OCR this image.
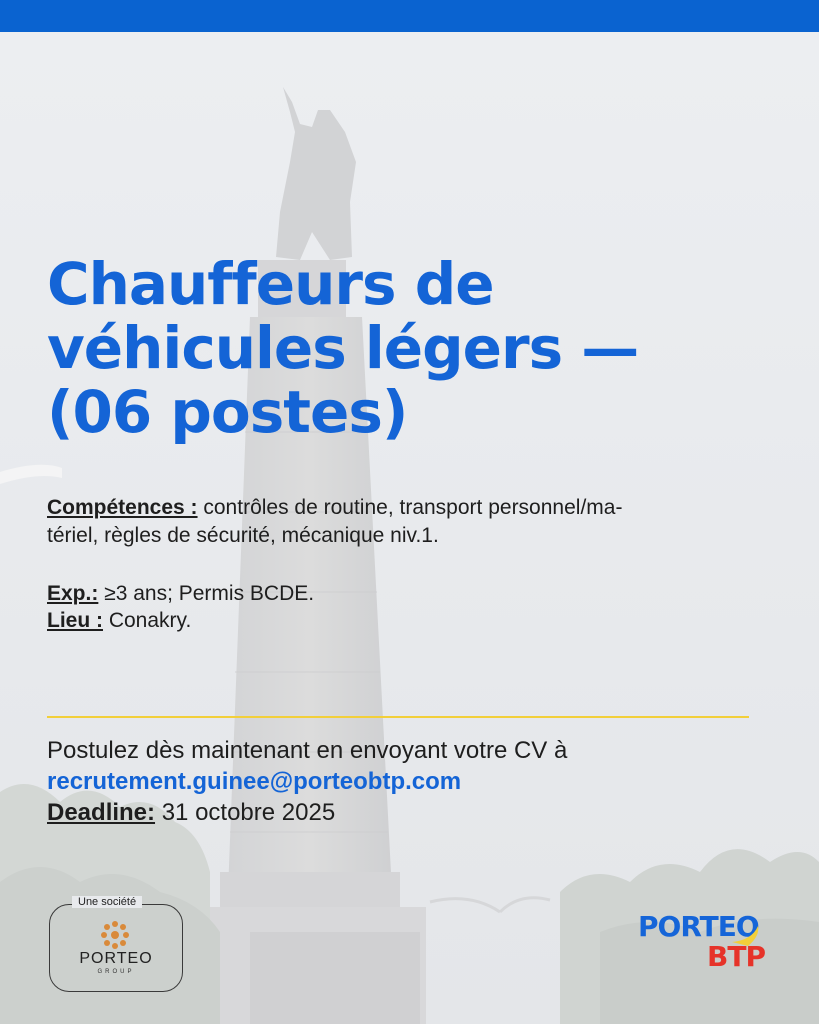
Chauffeurs de
véhicules légers —
(06 postes)
Compétences : contrôles de routine, transport personnel/ma-
tériel, règles de sécurité, mécanique niv.1.
Exp.: ≥3 ans; Permis BCDE.
Lieu : Conakry.
Postulez dès maintenant en envoyant votre CV à
recrutement.guinee@porteobtp.com
Deadline: 31 octobre 2025
Une société
PORTEO
GROUP
PORTEO
BTP
